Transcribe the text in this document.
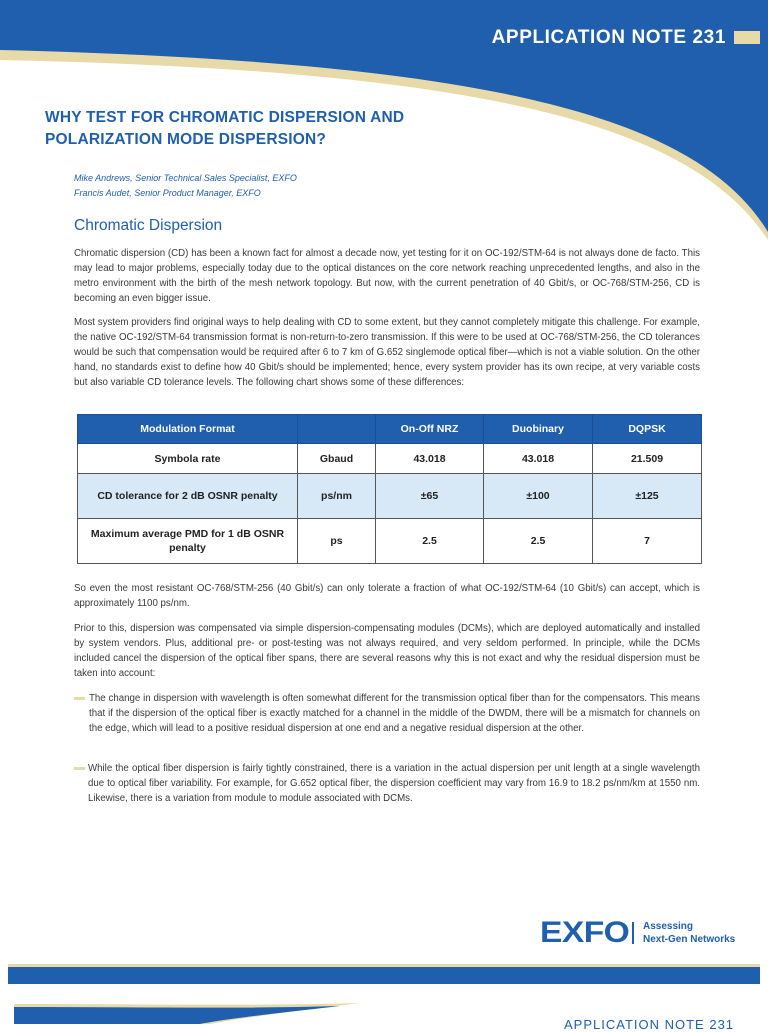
APPLICATION NOTE 231
WHY TEST FOR CHROMATIC DISPERSION AND POLARIZATION MODE DISPERSION?
Mike Andrews, Senior Technical Sales Specialist, EXFO
Francis Audet, Senior Product Manager, EXFO
Chromatic Dispersion

Chromatic dispersion (CD) has been a known fact for almost a decade now, yet testing for it on OC-192/STM-64 is not always done de facto. This may lead to major problems, especially today due to the optical distances on the core network reaching unprecedented lengths, and also in the metro environment with the birth of the mesh network topology. But now, with the current penetration of 40 Gbit/s, or OC-768/STM-256, CD is becoming an even bigger issue.

Most system providers find original ways to help dealing with CD to some extent, but they cannot completely mitigate this challenge. For example, the native OC-192/STM-64 transmission format is non-return-to-zero transmission. If this were to be used at OC-768/STM-256, the CD tolerances would be such that compensation would be required after 6 to 7 km of G.652 singlemode optical fiber—which is not a viable solution. On the other hand, no standards exist to define how 40 Gbit/s should be implemented; hence, every system provider has its own recipe, at very variable costs but also variable CD tolerance levels. The following chart shows some of these differences:

Modulation Format		On-Off NRZ	Duobinary	DQPSK
Symbola rate	Gbaud	43.018	43.018	21.509
CD tolerance for 2 dB OSNR penalty	ps/nm	±65	±100	±125
Maximum average PMD for 1 dB OSNR penalty	ps	2.5	2.5	7

So even the most resistant OC-768/STM-256 (40 Gbit/s) can only tolerate a fraction of what OC-192/STM-64 (10 Gbit/s) can accept, which is approximately 1100 ps/nm.

Prior to this, dispersion was compensated via simple dispersion-compensating modules (DCMs), which are deployed automatically and installed by system vendors. Plus, additional pre- or post-testing was not always required, and very seldom performed. In principle, while the DCMs included cancel the dispersion of the optical fiber spans, there are several reasons why this is not exact and why the residual dispersion must be taken into account:

The change in dispersion with wavelength is often somewhat different for the transmission optical fiber than for the compensators. This means that if the dispersion of the optical fiber is exactly matched for a channel in the middle of the DWDM, there will be a mismatch for channels on the edge, which will lead to a positive residual dispersion at one end and a negative residual dispersion at the other.
While the optical fiber dispersion is fairly tightly constrained, there is a variation in the actual dispersion per unit length at a single wavelength due to optical fiber variability. For example, for G.652 optical fiber, the dispersion coefficient may vary from 16.9 to 18.2 ps/nm/km at 1550 nm. Likewise, there is a variation from module to module associated with DCMs.
EXFO Assessing
Next-Gen Networks
APPLICATION NOTE 231
